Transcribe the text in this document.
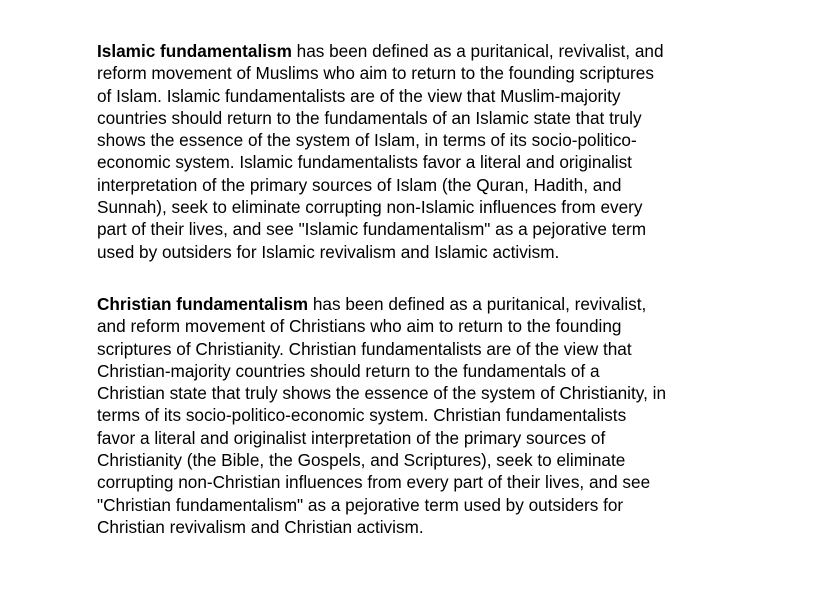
Islamic fundamentalism has been defined as a puritanical, revivalist, and
reform movement of Muslims who aim to return to the founding scriptures
of Islam. Islamic fundamentalists are of the view that Muslim-majority
countries should return to the fundamentals of an Islamic state that truly
shows the essence of the system of Islam, in terms of its socio-politico-
economic system. Islamic fundamentalists favor a literal and originalist
interpretation of the primary sources of Islam (the Quran, Hadith, and
Sunnah), seek to eliminate corrupting non-Islamic influences from every
part of their lives, and see "Islamic fundamentalism" as a pejorative term
used by outsiders for Islamic revivalism and Islamic activism.

Christian fundamentalism has been defined as a puritanical, revivalist,
and reform movement of Christians who aim to return to the founding
scriptures of Christianity. Christian fundamentalists are of the view that
Christian-majority countries should return to the fundamentals of a
Christian state that truly shows the essence of the system of Christianity, in
terms of its socio-politico-economic system. Christian fundamentalists
favor a literal and originalist interpretation of the primary sources of
Christianity (the Bible, the Gospels, and Scriptures), seek to eliminate
corrupting non-Christian influences from every part of their lives, and see
"Christian fundamentalism" as a pejorative term used by outsiders for
Christian revivalism and Christian activism.
